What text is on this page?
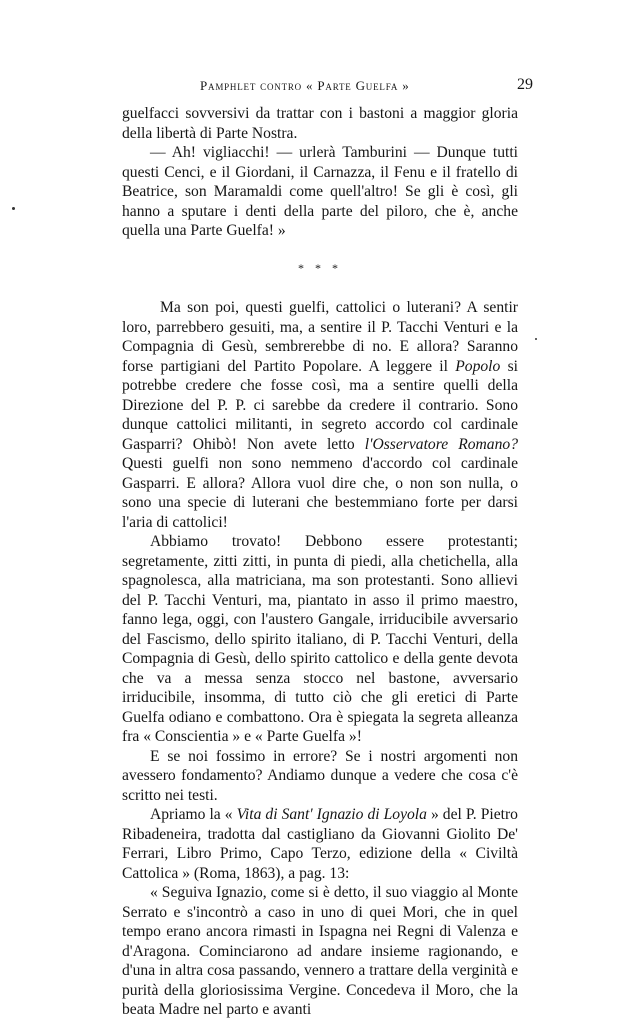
Pamphlet contro « Parte Guelfa »	29

guelfacci sovversivi da trattar con i bastoni a maggior gloria della libertà di Parte Nostra.

— Ah! vigliacchi! — urlerà Tamburini — Dunque tutti questi Cenci, e il Giordani, il Carnazza, il Fenu e il fratello di Beatrice, son Maramaldi come quell'altro! Se gli è così, gli hanno a sputare i denti della parte del piloro, che è, anche quella una Parte Guelfa! »

* * *

Ma son poi, questi guelfi, cattolici o luterani? A sentir loro, parrebbero gesuiti, ma, a sentire il P. Tacchi Venturi e la Compagnia di Gesù, sembrerebbe di no. E allora? Saranno forse partigiani del Partito Popolare. A leggere il Popolo si potrebbe credere che fosse così, ma a sentire quelli della Direzione del P. P. ci sarebbe da credere il contrario. Sono dunque cattolici militanti, in segreto accordo col cardinale Gasparri? Ohibò! Non avete letto l'Osservatore Romano? Questi guelfi non sono nemmeno d'accordo col cardinale Gasparri. E allora? Allora vuol dire che, o non son nulla, o sono una specie di luterani che bestemmiano forte per darsi l'aria di cattolici!

Abbiamo trovato! Debbono essere protestanti; segretamente, zitti zitti, in punta di piedi, alla chetichella, alla spagnolesca, alla matriciana, ma son protestanti. Sono allievi del P. Tacchi Venturi, ma, piantato in asso il primo maestro, fanno lega, oggi, con l'austero Gangale, irriducibile avversario del Fascismo, dello spirito italiano, di P. Tacchi Venturi, della Compagnia di Gesù, dello spirito cattolico e della gente devota che va a messa senza stocco nel bastone, avversario irriducibile, insomma, di tutto ciò che gli eretici di Parte Guelfa odiano e combattono. Ora è spiegata la segreta alleanza fra « Conscientia » e « Parte Guelfa »!

E se noi fossimo in errore? Se i nostri argomenti non avessero fondamento? Andiamo dunque a vedere che cosa c'è scritto nei testi.

Apriamo la « Vita di Sant' Ignazio di Loyola » del P. Pietro Ribadeneira, tradotta dal castigliano da Giovanni Giolito De' Ferrari, Libro Primo, Capo Terzo, edizione della « Civiltà Cattolica » (Roma, 1863), a pag. 13:

« Seguiva Ignazio, come si è detto, il suo viaggio al Monte Serrato e s'incontrò a caso in uno di quei Mori, che in quel tempo erano ancora rimasti in Ispagna nei Regni di Valenza e d'Aragona. Cominciarono ad andare insieme ragionando, e d'una in altra cosa passando, vennero a trattare della verginità e purità della gloriosissima Vergine. Concedeva il Moro, che la beata Madre nel parto e avanti
